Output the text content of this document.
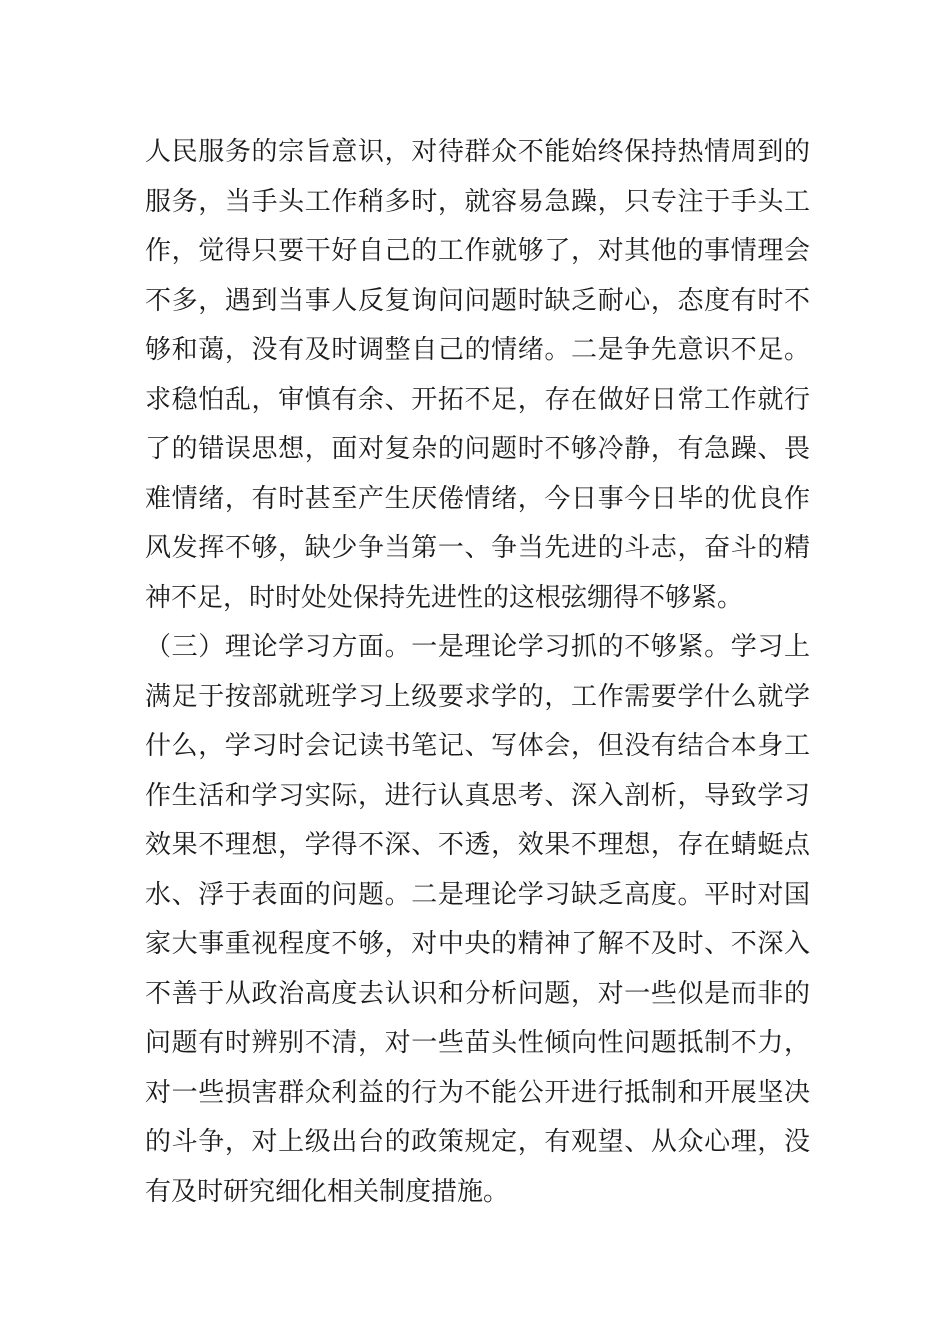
人民服务的宗旨意识，对待群众不能始终保持热情周到的
服务，当手头工作稍多时，就容易急躁，只专注于手头工
作，觉得只要干好自己的工作就够了，对其他的事情理会
不多，遇到当事人反复询问问题时缺乏耐心，态度有时不
够和蔼，没有及时调整自己的情绪。二是争先意识不足。
求稳怕乱，审慎有余、开拓不足，存在做好日常工作就行
了的错误思想，面对复杂的问题时不够冷静，有急躁、畏
难情绪，有时甚至产生厌倦情绪，今日事今日毕的优良作
风发挥不够，缺少争当第一、争当先进的斗志，奋斗的精
神不足，时时处处保持先进性的这根弦绷得不够紧。
（三）理论学习方面。一是理论学习抓的不够紧。学习上
满足于按部就班学习上级要求学的，工作需要学什么就学
什么，学习时会记读书笔记、写体会，但没有结合本身工
作生活和学习实际，进行认真思考、深入剖析，导致学习
效果不理想，学得不深、不透，效果不理想，存在蜻蜓点
水、浮于表面的问题。二是理论学习缺乏高度。平时对国
家大事重视程度不够，对中央的精神了解不及时、不深入
不善于从政治高度去认识和分析问题，对一些似是而非的
问题有时辨别不清，对一些苗头性倾向性问题抵制不力，
对一些损害群众利益的行为不能公开进行抵制和开展坚决
的斗争，对上级出台的政策规定，有观望、从众心理，没
有及时研究细化相关制度措施。
